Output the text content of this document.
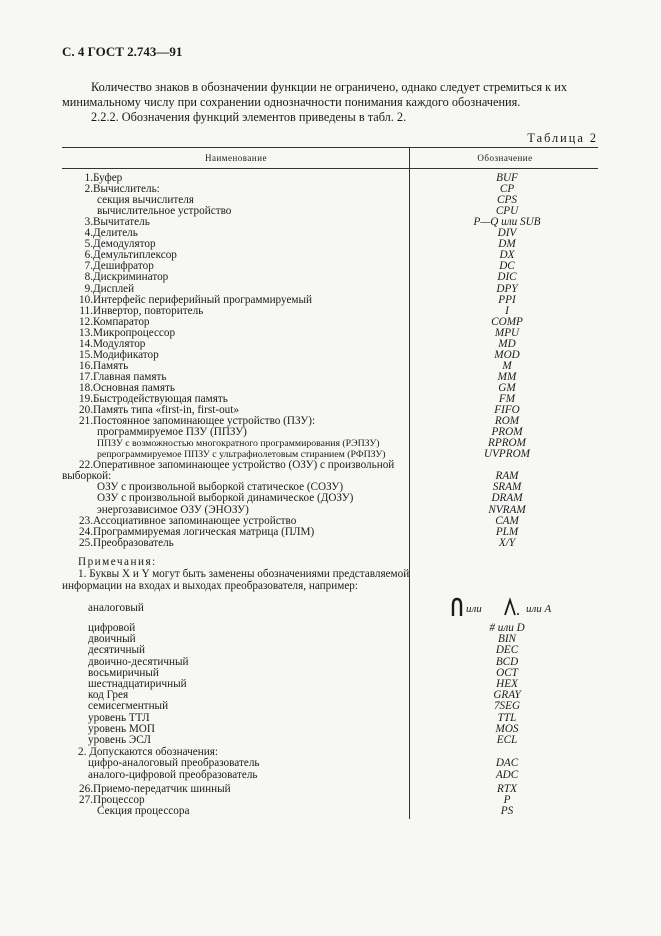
С. 4 ГОСТ 2.743—91
Количество знаков в обозначении функции не ограничено, однако следует стремиться к их
минимальному числу при сохранении однозначности понимания каждого обозначения.
2.2.2. Обозначения функций элементов приведены в табл. 2.
Таблица 2
Наименование	Обозначение
1. Буфер	BUF
2. Вычислитель:	CP
секция вычислителя	CPS
вычислительное устройство	CPU
3. Вычитатель	P—Q или SUB
4. Делитель	DIV
5. Демодулятор	DM
6. Демультиплексор	DX
7. Дешифратор	DC
8. Дискриминатор	DIC
9. Дисплей	DPY
10. Интерфейс периферийный программируемый	PPI
11. Инвертор, повторитель	I
12. Компаратор	COMP
13. Микропроцессор	MPU
14. Модулятор	MD
15. Модификатор	MOD
16. Память	M
17. Главная память	MM
18. Основная память	GM
19. Быстродействующая память	FM
20. Память типа «first-in, first-out»	FIFO
21. Постоянное запоминающее устройство (ПЗУ):	ROM
программируемое ПЗУ (ППЗУ)	PROM
ППЗУ с возможностью многократного программирования (РЭПЗУ)	RPROM
репрограммируемое ППЗУ с ультрафиолетовым стиранием (РФПЗУ)	UVPROM
22. Оперативное запоминающее устройство (ОЗУ) с произвольной
выборкой:	RAM
ОЗУ с произвольной выборкой статическое (СОЗУ)	SRAM
ОЗУ с произвольной выборкой динамическое (ДОЗУ)	DRAM
энергозависимое ОЗУ (ЭНОЗУ)	NVRAM
23. Ассоциативное запоминающее устройство	CAM
24. Программируемая логическая матрица (ПЛМ)	PLM
25. Преобразователь	X/Y
Примечания:
1. Буквы X и Y могут быть заменены обозначениями представляемой
информации на входах и выходах преобразователя, например:
аналоговый	или	или A
цифровой	# или D
двоичный	BIN
десятичный	DEC
двоично-десятичный	BCD
восьмиричный	OCT
шестнадцатиричный	HEX
код Грея	GRAY
семисегментный	7SEG
уровень ТТЛ	TTL
уровень МОП	MOS
уровень ЭСЛ	ECL
2. Допускаются обозначения:
цифро-аналоговый преобразователь	DAC
аналого-цифровой преобразователь	ADC
26. Приемо-передатчик шинный	RTX
27. Процессор	P
Секция процессора	PS
